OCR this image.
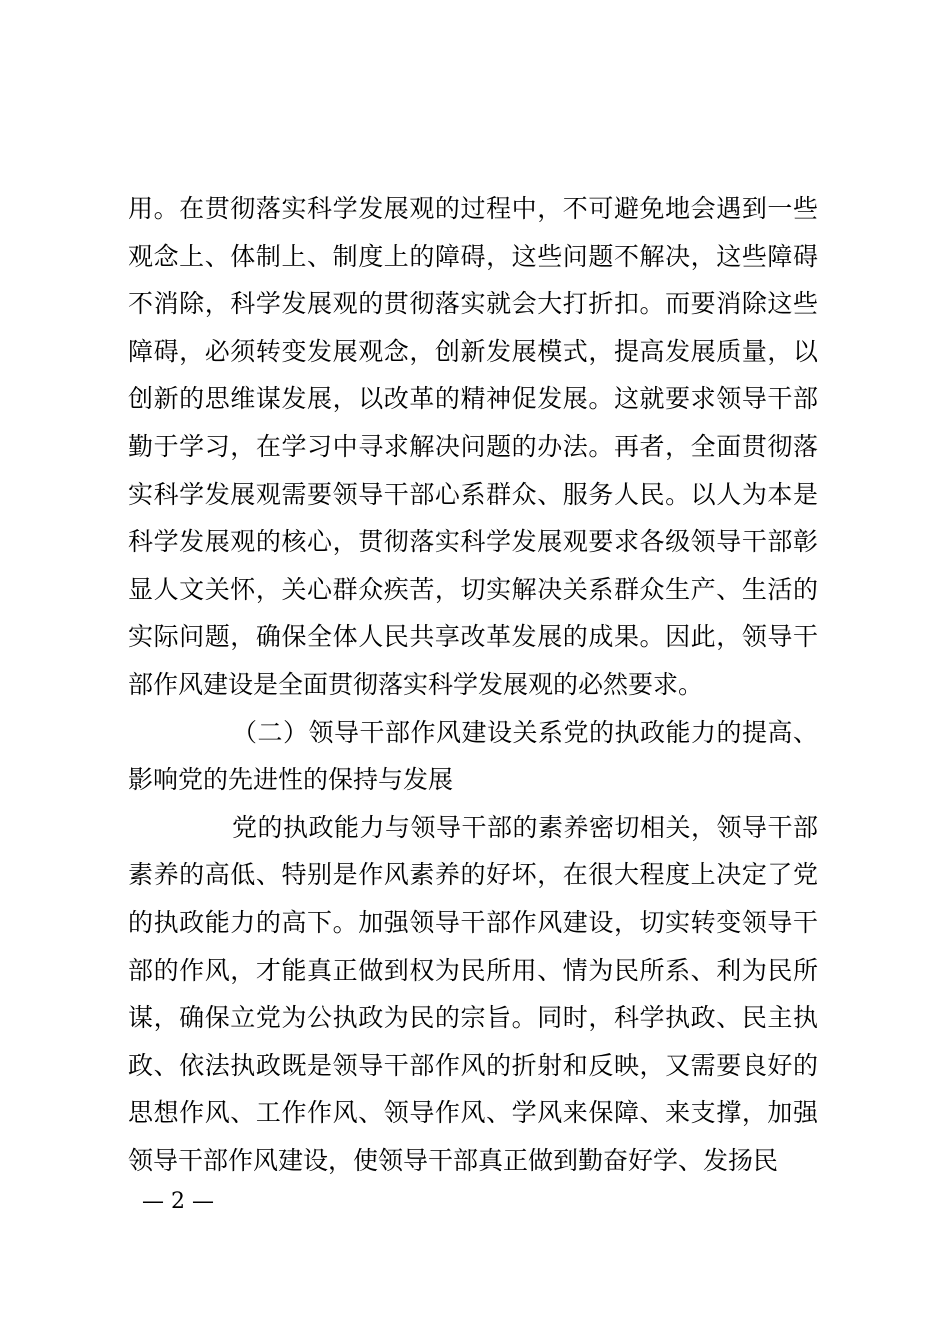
用。在贯彻落实科学发展观的过程中，不可避免地会遇到一些
观念上、体制上、制度上的障碍，这些问题不解决，这些障碍
不消除，科学发展观的贯彻落实就会大打折扣。而要消除这些
障碍，必须转变发展观念，创新发展模式，提高发展质量，以
创新的思维谋发展，以改革的精神促发展。这就要求领导干部
勤于学习，在学习中寻求解决问题的办法。再者，全面贯彻落
实科学发展观需要领导干部心系群众、服务人民。以人为本是
科学发展观的核心，贯彻落实科学发展观要求各级领导干部彰
显人文关怀，关心群众疾苦，切实解决关系群众生产、生活的
实际问题，确保全体人民共享改革发展的成果。因此，领导干
部作风建设是全面贯彻落实科学发展观的必然要求。
（二）领导干部作风建设关系党的执政能力的提高、
影响党的先进性的保持与发展
党的执政能力与领导干部的素养密切相关，领导干部
素养的高低、特别是作风素养的好坏，在很大程度上决定了党
的执政能力的高下。加强领导干部作风建设，切实转变领导干
部的作风，才能真正做到权为民所用、情为民所系、利为民所
谋，确保立党为公执政为民的宗旨。同时，科学执政、民主执
政、依法执政既是领导干部作风的折射和反映，又需要良好的
思想作风、工作作风、领导作风、学风来保障、来支撑，加强
领导干部作风建设，使领导干部真正做到勤奋好学、发扬民
— 2 —
